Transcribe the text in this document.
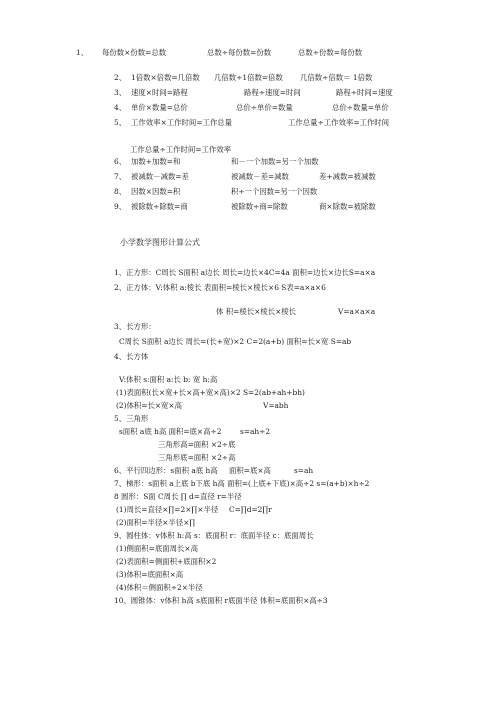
1、 每份数×份数=总数	总数÷每份数=份数	总数÷份数=每份数
2、 1倍数×倍数=几倍数 几倍数÷1倍数=倍数 几倍数÷倍数＝ 1倍数
3、 速度×时间=路程	路程÷速度=时间	路程÷时间=速度
4、 单价×数量=总价	总价÷单价=数量	总价÷数量=单价
5、 工作效率×工作时间=工作总量	工作总量÷工作效率=工作时间
工作总量÷工作时间=工作效率
6、 加数+加数=和	和－一个加数=另一个加数
7、 被减数－减数=差	被减数－差=减数	差+减数=被减数
8、 因数×因数=积	积÷一个因数=另一个因数
9、 被除数÷除数=商	被除数÷商=除数	商×除数=被除数
小学数学图形计算公式
1、正方形：C周长 S面积 a边长 周长=边长×4C=4a 面积=边长×边长S=a×a
2、正方体：V:体积 a:棱长 表面积=棱长×棱长×6 S表=a×a×6
体 积=棱长×棱长×棱长	V=a×a×a
3、长方形：
C周长 S面积 a边长 周长=(长+宽)×2 C=2(a+b) 面积=长×宽 S=ab
4、长方体
V:体积 s:面积 a:长 b: 宽 h:高
(1)表面积(长×宽+长×高+宽×高)×2 S=2(ab+ah+bh)
(2)体积=长×宽×高	V=abh
5、三角形
s面积 a底 h高 面积=底×高÷2	s=ah÷2
三角形高=面积 ×2÷底
三角形底=面积 ×2÷高
6、平行四边形：s面积 a底 h高 面积=底×高	s=ah
7、梯形：s面积 a上底 b下底 h高 面积=(上底+下底)×高÷2 s=(a+b)×h÷2
8 圆形：S面 C周长 ∏ d=直径 r=半径
(1)周长=直径×∏=2×∏×半径 C=∏d=2∏r
(2)面积=半径×半径×∏
9、圆柱体：v体积 h:高 s：底面积 r：底面半径 c：底面周长
(1)侧面积=底面周长×高
(2)表面积=侧面积+底面积×2
(3)体积=底面积×高
(4)体积＝侧面积÷2×半径
10、圆锥体：v体积 h高 s底面积 r底面半径 体积=底面积×高÷3
